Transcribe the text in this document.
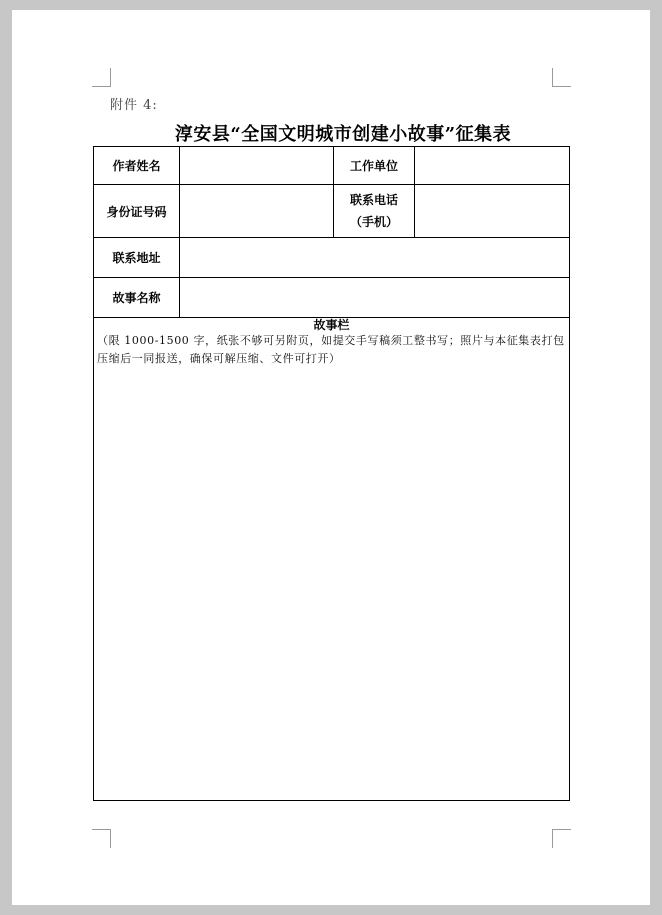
附件 4:
淳安县“全国文明城市创建小故事”征集表
作者姓名		工作单位	
身份证号码		联系电话
（手机）	

联系地址			
故事名称			

故事栏
（限 1000-1500 字，纸张不够可另附页，如提交手写稿须工整书写；照片与本征集表打包压缩后一同报送，确保可解压缩、文件可打开）			
